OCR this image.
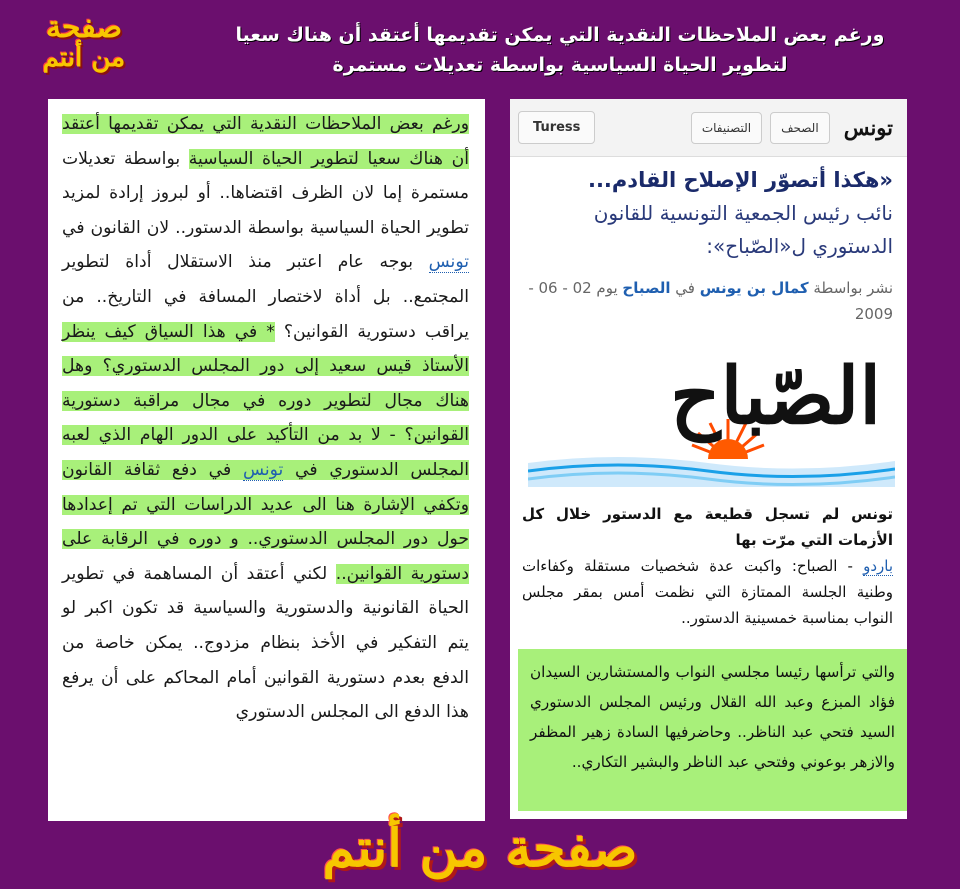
صفحة
من أنتم
ورغم بعض الملاحظات النقدية التي يمكن تقديمها أعتقد أن هناك سعيا
لتطوير الحياة السياسية بواسطة تعديلات مستمرة
ورغم بعض الملاحظات النقدية التي يمكن تقديمها أعتقد أن هناك سعيا لتطوير الحياة السياسية بواسطة تعديلات مستمرة إما لان الظرف اقتضاها.. أو لبروز إرادة لمزيد تطوير الحياة السياسية بواسطة الدستور.. لان القانون في تونس بوجه عام اعتبر منذ الاستقلال أداة لتطوير المجتمع.. بل أداة لاختصار المسافة في التاريخ.. من يراقب دستورية القوانين؟ * في هذا السياق كيف ينظر الأستاذ قيس سعيد إلى دور المجلس الدستوري؟ وهل هناك مجال لتطوير دوره في مجال مراقبة دستورية القوانين؟ - لا بد من التأكيد على الدور الهام الذي لعبه المجلس الدستوري في تونس في دفع ثقافة القانون وتكفي الإشارة هنا الى عديد الدراسات التي تم إعدادها حول دور المجلس الدستوري.. و دوره في الرقابة على دستورية القوانين.. لكني أعتقد أن المساهمة في تطوير الحياة القانونية والدستورية والسياسية قد تكون اكبر لو يتم التفكير في الأخذ بنظام مزدوج.. يمكن خاصة من الدفع بعدم دستورية القوانين أمام المحاكم على أن يرفع هذا الدفع الى المجلس الدستوري
تونس
الصحف
التصنيفات
Turess
«هكذا أتصوّر الإصلاح القادم...
نائب رئيس الجمعية التونسية للقانون الدستوري ل«الصّباح»:
نشر بواسطة كمال بن يونس في الصباح يوم 02 - 06 - 2009
الصّباح
تونس لم تسجل قطيعة مع الدستور خلال كل الأزمات التي مرّت بها
باردو - الصباح: واكبت عدة شخصيات مستقلة وكفاءات وطنية الجلسة الممتازة التي نظمت أمس بمقر مجلس النواب بمناسبة خمسينية الدستور..
والتي ترأسها رئيسا مجلسي النواب والمستشارين السيدان فؤاد المبزع وعبد الله القلال ورئيس المجلس الدستوري السيد فتحي عبد الناظر.. وحاضرفيها السادة زهير المظفر والازهر بوعوني وفتحي عبد الناظر والبشير التكاري..
صفحة من أنتم
